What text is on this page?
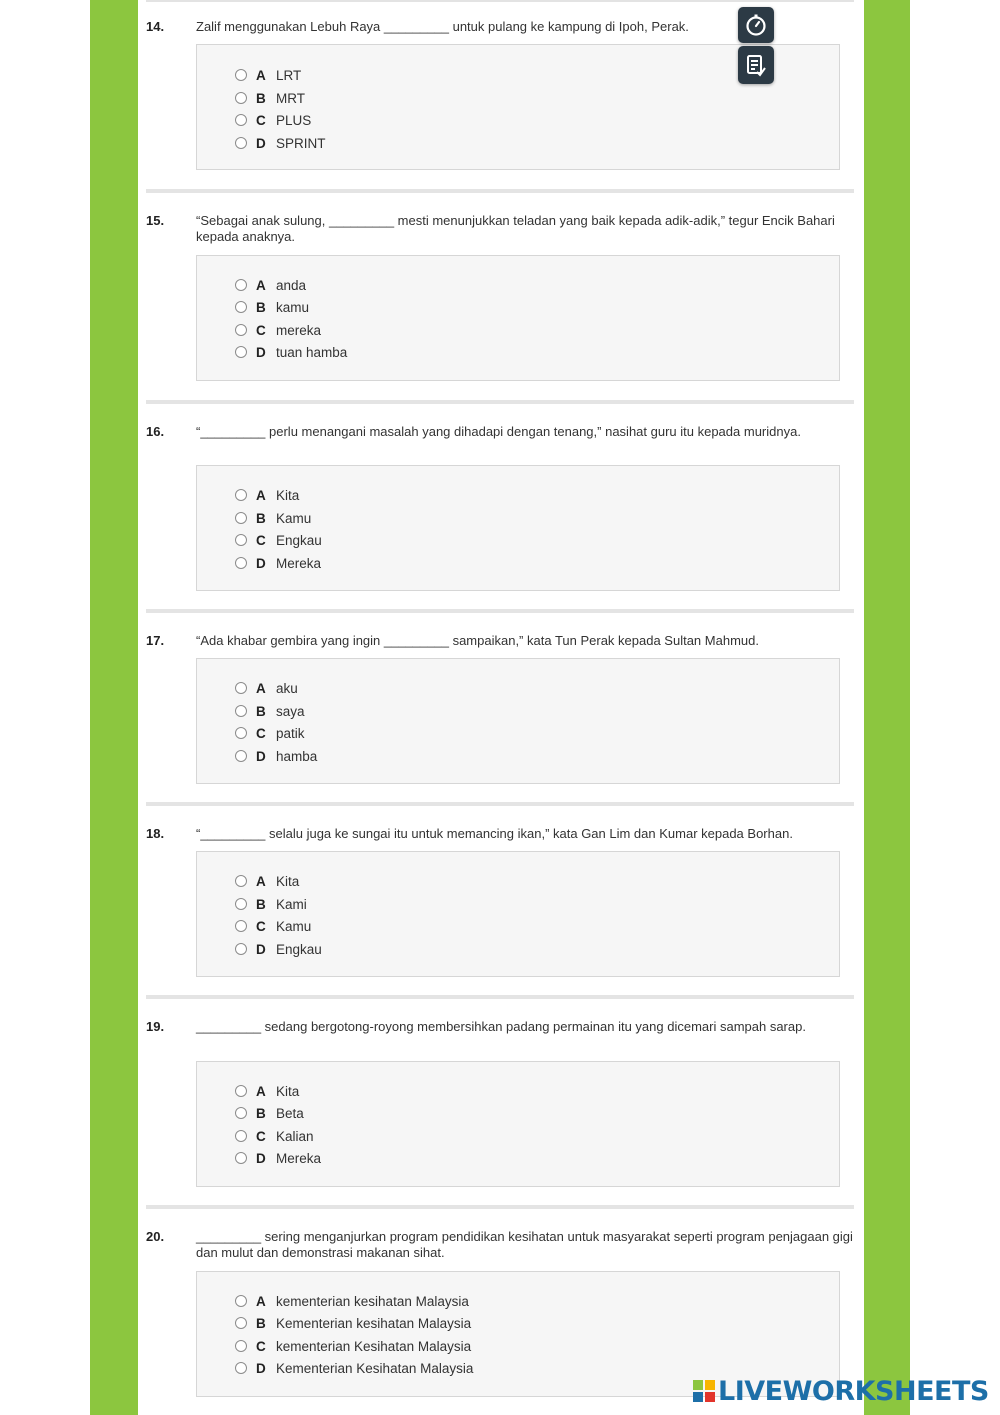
14. Zalif menggunakan Lebuh Raya _________ untuk pulang ke kampung di Ipoh, Perak.
A LRT
B MRT
C PLUS
D SPRINT
15. “Sebagai anak sulung, _________ mesti menunjukkan teladan yang baik kepada adik-adik,” tegur Encik Bahari kepada anaknya.
A anda
B kamu
C mereka
D tuan hamba
16. “_________ perlu menangani masalah yang dihadapi dengan tenang,” nasihat guru itu kepada muridnya.
A Kita
B Kamu
C Engkau
D Mereka
17. “Ada khabar gembira yang ingin _________ sampaikan,” kata Tun Perak kepada Sultan Mahmud.
A aku
B saya
C patik
D hamba
18. “_________ selalu juga ke sungai itu untuk memancing ikan,” kata Gan Lim dan Kumar kepada Borhan.
A Kita
B Kami
C Kamu
D Engkau
19. _________ sedang bergotong-royong membersihkan padang permainan itu yang dicemari sampah sarap.
A Kita
B Beta
C Kalian
D Mereka
20. _________ sering menganjurkan program pendidikan kesihatan untuk masyarakat seperti program penjagaan gigi dan mulut dan demonstrasi makanan sihat.
A kementerian kesihatan Malaysia
B Kementerian kesihatan Malaysia
C kementerian Kesihatan Malaysia
D Kementerian Kesihatan Malaysia
LIVEWORKSHEETS
